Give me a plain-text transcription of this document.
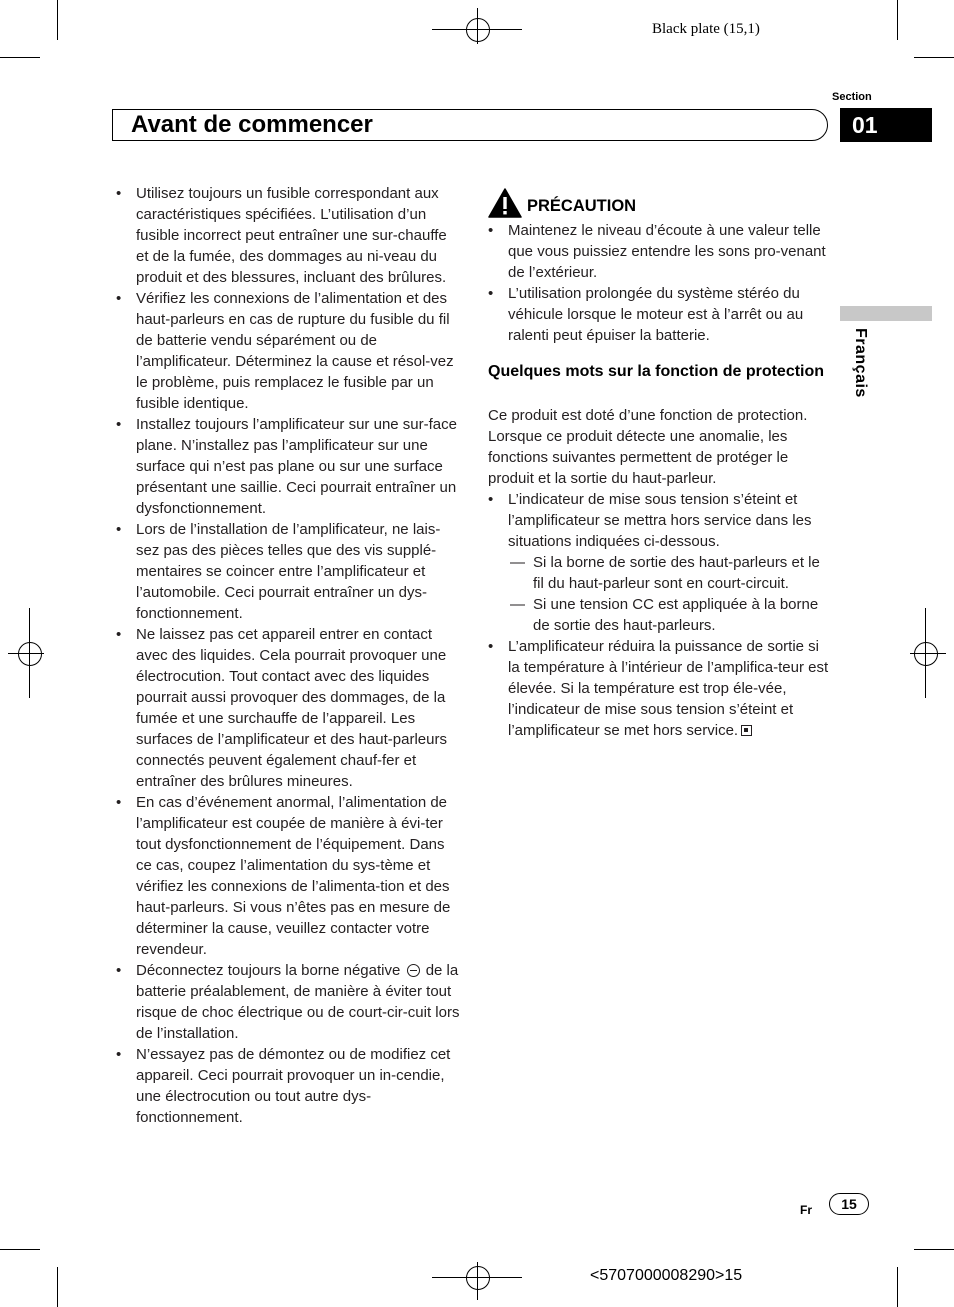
Black plate (15,1)
Section
01
Avant de commencer
Français
• Utilisez toujours un fusible correspondant aux caractéristiques spécifiées. L’utilisation d’un fusible incorrect peut entraîner une sur-chauffe et de la fumée, des dommages au ni-veau du produit et des blessures, incluant des brûlures.
• Vérifiez les connexions de l’alimentation et des haut-parleurs en cas de rupture du fusible du fil de batterie vendu séparément ou de l’amplificateur. Déterminez la cause et résol-vez le problème, puis remplacez le fusible par un fusible identique.
• Installez toujours l’amplificateur sur une sur-face plane. N’installez pas l’amplificateur sur une surface qui n’est pas plane ou sur une surface présentant une saillie. Ceci pourrait entraîner un dysfonctionnement.
• Lors de l’installation de l’amplificateur, ne lais-sez pas des pièces telles que des vis supplé-mentaires se coincer entre l’amplificateur et l’automobile. Ceci pourrait entraîner un dys-fonctionnement.
• Ne laissez pas cet appareil entrer en contact avec des liquides. Cela pourrait provoquer une électrocution. Tout contact avec des liquides pourrait aussi provoquer des dommages, de la fumée et une surchauffe de l’appareil. Les surfaces de l’amplificateur et des haut-parleurs connectés peuvent également chauf-fer et entraîner des brûlures mineures.
• En cas d’événement anormal, l’alimentation de l’amplificateur est coupée de manière à évi-ter tout dysfonctionnement de l’équipement. Dans ce cas, coupez l’alimentation du sys-tème et vérifiez les connexions de l’alimenta-tion et des haut-parleurs. Si vous n’êtes pas en mesure de déterminer la cause, veuillez contacter votre revendeur.
• Déconnectez toujours la borne négative de la batterie préalablement, de manière à éviter tout risque de choc électrique ou de court-cir-cuit lors de l’installation.
• N’essayez pas de démontez ou de modifiez cet appareil. Ceci pourrait provoquer un in-cendie, une électrocution ou tout autre dys-fonctionnement.
PRÉCAUTION
• Maintenez le niveau d’écoute à une valeur telle que vous puissiez entendre les sons pro-venant de l’extérieur.
• L’utilisation prolongée du système stéréo du véhicule lorsque le moteur est à l’arrêt ou au ralenti peut épuiser la batterie.
Quelques mots sur la fonction de protection
Ce produit est doté d’une fonction de protection. Lorsque ce produit détecte une anomalie, les fonctions suivantes permettent de protéger le produit et la sortie du haut-parleur.
• L’indicateur de mise sous tension s’éteint et l’amplificateur se mettra hors service dans les situations indiquées ci-dessous.
— Si la borne de sortie des haut-parleurs et le fil du haut-parleur sont en court-circuit.
— Si une tension CC est appliquée à la borne de sortie des haut-parleurs.
• L’amplificateur réduira la puissance de sortie si la température à l’intérieur de l’amplifica-teur est élevée. Si la température est trop éle-vée, l’indicateur de mise sous tension s’éteint et l’amplificateur se met hors service.
Fr	15
<5707000008290>15
